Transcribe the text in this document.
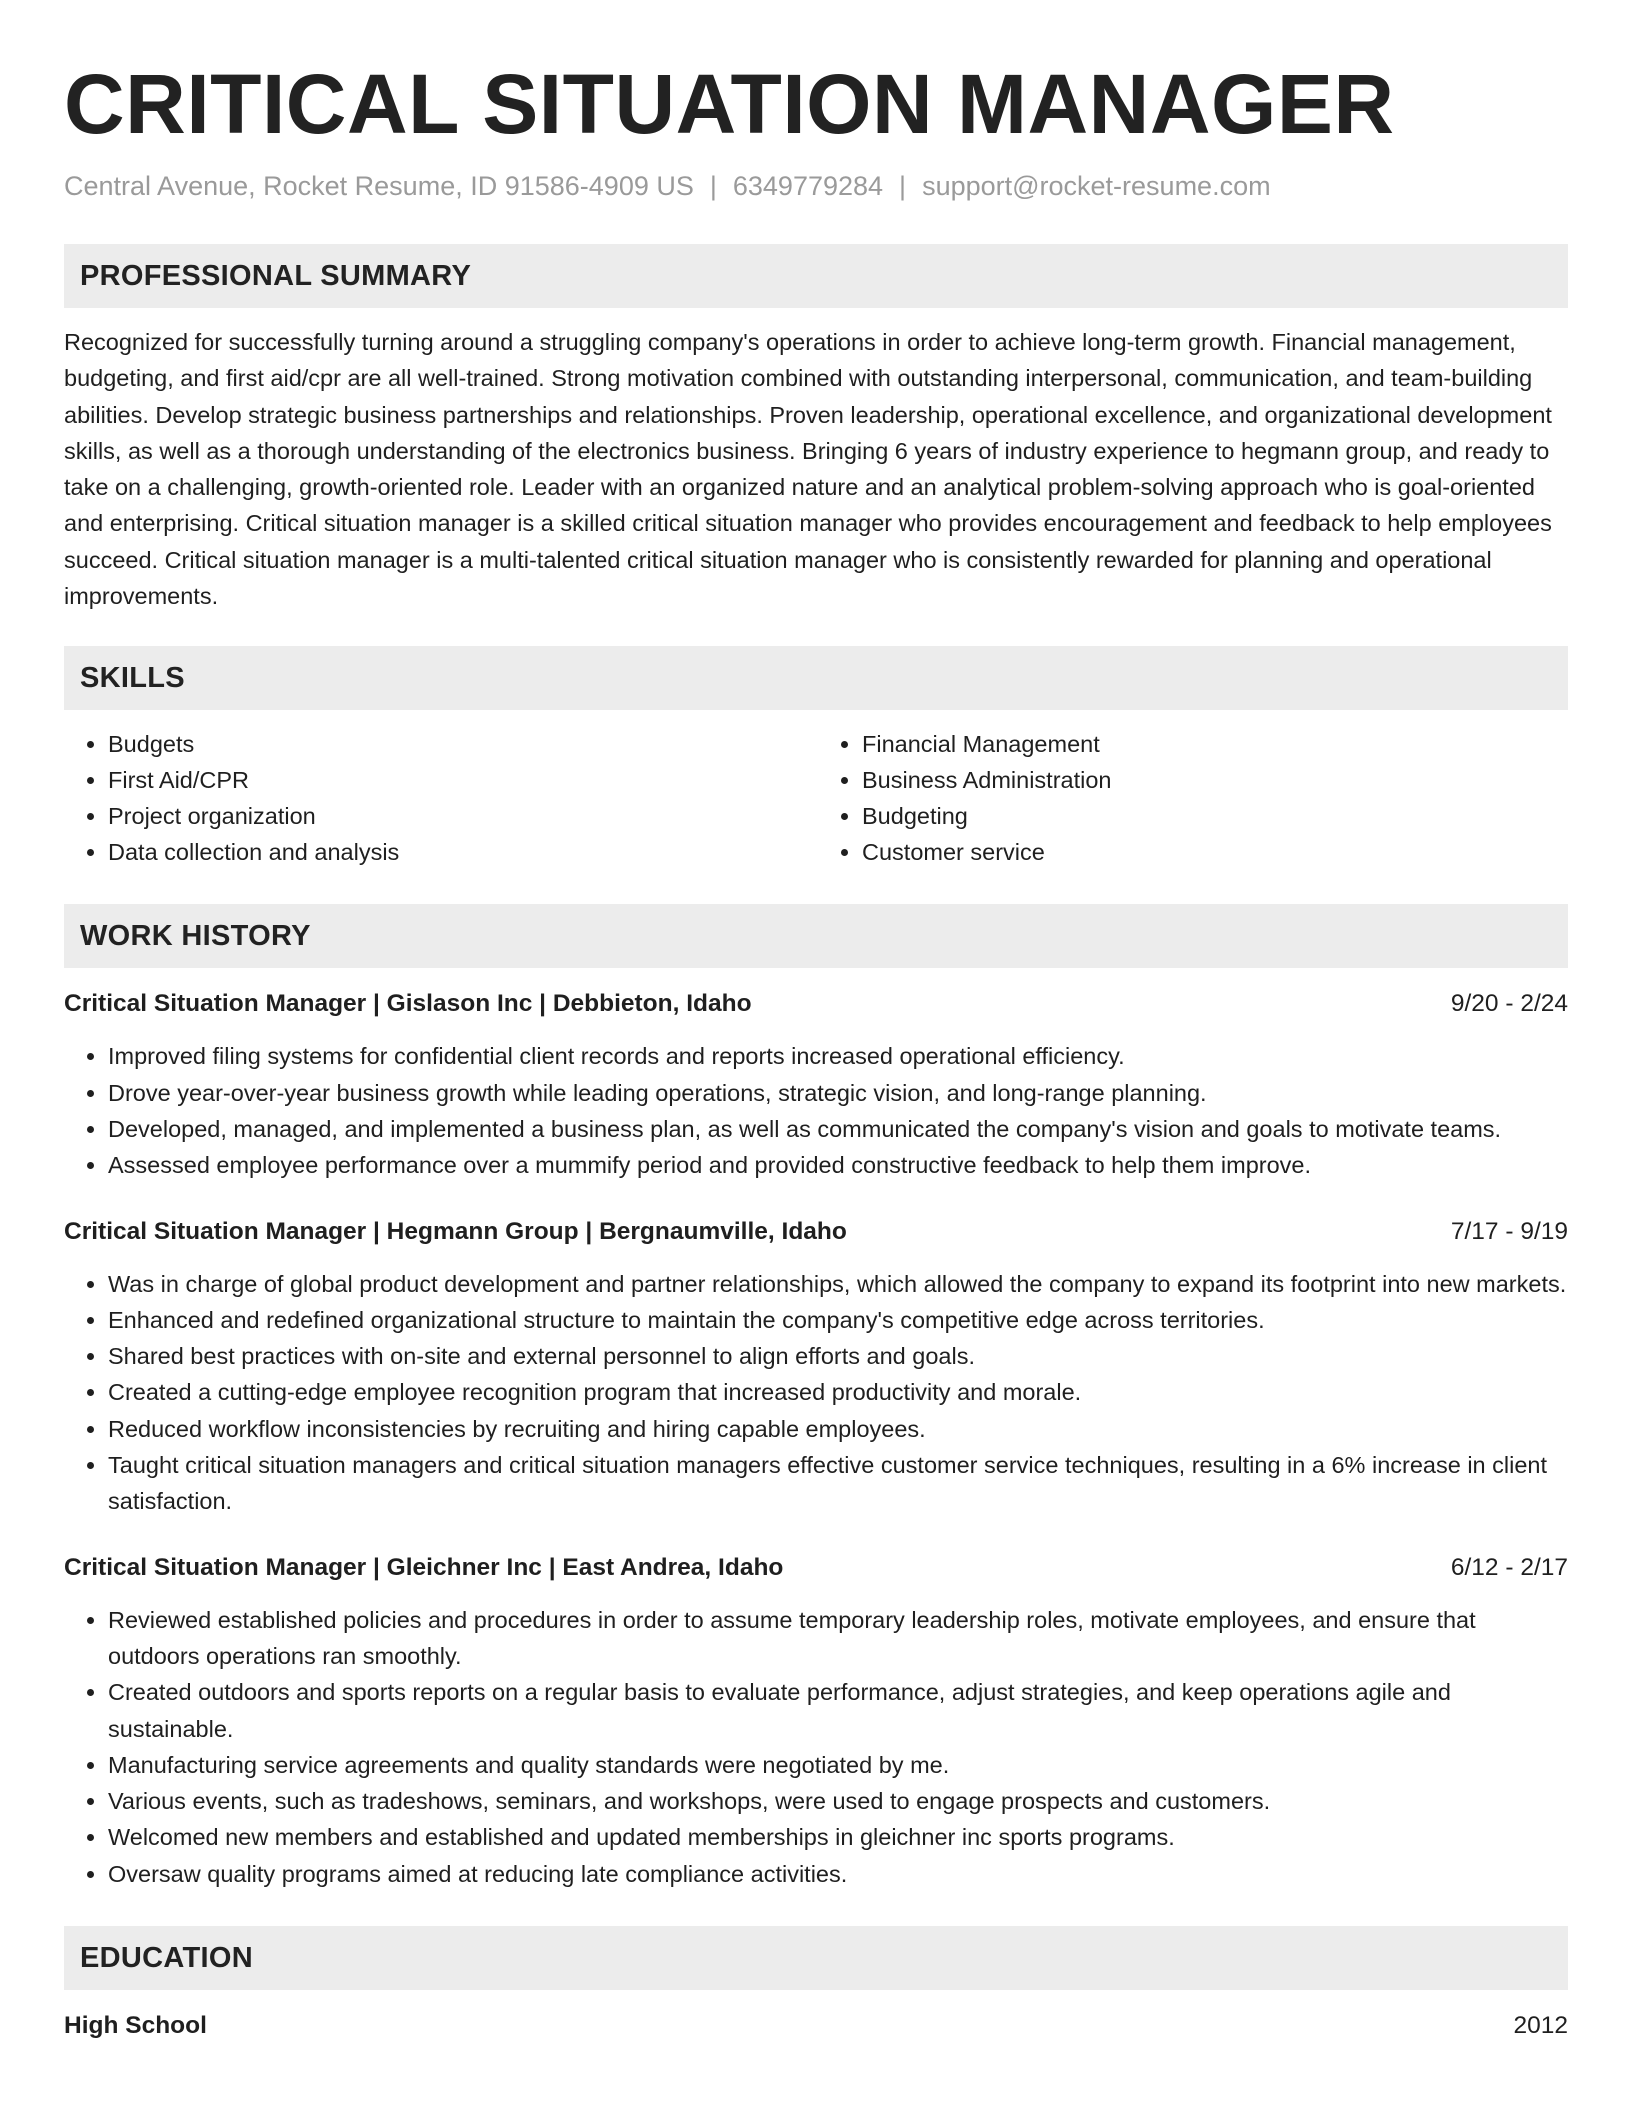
CRITICAL SITUATION MANAGER
Central Avenue, Rocket Resume, ID 91586-4909 US | 6349779284 | support@rocket-resume.com
PROFESSIONAL SUMMARY

Recognized for successfully turning around a struggling company's operations in order to achieve long-term growth. Financial management, budgeting, and first aid/cpr are all well-trained. Strong motivation combined with outstanding interpersonal, communication, and team-building abilities. Develop strategic business partnerships and relationships. Proven leadership, operational excellence, and organizational development skills, as well as a thorough understanding of the electronics business. Bringing 6 years of industry experience to hegmann group, and ready to take on a challenging, growth-oriented role. Leader with an organized nature and an analytical problem-solving approach who is goal-oriented and enterprising. Critical situation manager is a skilled critical situation manager who provides encouragement and feedback to help employees succeed. Critical situation manager is a multi-talented critical situation manager who is consistently rewarded for planning and operational improvements.

SKILLS
• Budgets
• First Aid/CPR
• Project organization
• Data collection and analysis
• Financial Management
• Business Administration
• Budgeting
• Customer service
WORK HISTORY
Critical Situation Manager | Gislason Inc | Debbieton, Idaho	9/20 - 2/24
• Improved filing systems for confidential client records and reports increased operational efficiency.
• Drove year-over-year business growth while leading operations, strategic vision, and long-range planning.
• Developed, managed, and implemented a business plan, as well as communicated the company's vision and goals to motivate teams.
• Assessed employee performance over a mummify period and provided constructive feedback to help them improve.
Critical Situation Manager | Hegmann Group | Bergnaumville, Idaho	7/17 - 9/19
• Was in charge of global product development and partner relationships, which allowed the company to expand its footprint into new markets.
• Enhanced and redefined organizational structure to maintain the company's competitive edge across territories.
• Shared best practices with on-site and external personnel to align efforts and goals.
• Created a cutting-edge employee recognition program that increased productivity and morale.
• Reduced workflow inconsistencies by recruiting and hiring capable employees.
• Taught critical situation managers and critical situation managers effective customer service techniques, resulting in a 6% increase in client satisfaction.
Critical Situation Manager | Gleichner Inc | East Andrea, Idaho	6/12 - 2/17
• Reviewed established policies and procedures in order to assume temporary leadership roles, motivate employees, and ensure that outdoors operations ran smoothly.
• Created outdoors and sports reports on a regular basis to evaluate performance, adjust strategies, and keep operations agile and sustainable.
• Manufacturing service agreements and quality standards were negotiated by me.
• Various events, such as tradeshows, seminars, and workshops, were used to engage prospects and customers.
• Welcomed new members and established and updated memberships in gleichner inc sports programs.
• Oversaw quality programs aimed at reducing late compliance activities.
EDUCATION
High School	2012
